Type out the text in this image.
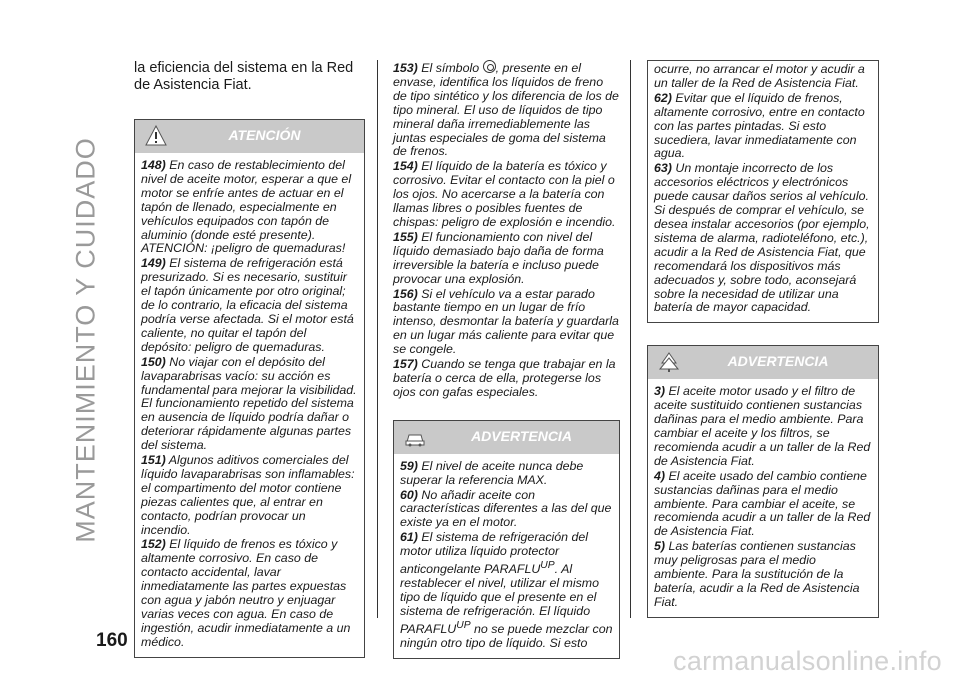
MANTENIMIENTO Y CUIDADO
160
carmanualsonline.info
la eficiencia del sistema en la Red de Asistencia Fiat.
ATENCIÓN
148) En caso de restablecimiento del nivel de aceite motor, esperar a que el motor se enfríe antes de actuar en el tapón de llenado, especialmente en vehículos equipados con tapón de aluminio (donde esté presente). ATENCIÓN: ¡peligro de quemaduras!
149) El sistema de refrigeración está presurizado. Si es necesario, sustituir el tapón únicamente por otro original; de lo contrario, la eficacia del sistema podría verse afectada. Si el motor está caliente, no quitar el tapón del depósito: peligro de quemaduras.
150) No viajar con el depósito del lavaparabrisas vacío: su acción es fundamental para mejorar la visibilidad. El funcionamiento repetido del sistema en ausencia de líquido podría dañar o deteriorar rápidamente algunas partes del sistema.
151) Algunos aditivos comerciales del líquido lavaparabrisas son inflamables: el compartimento del motor contiene piezas calientes que, al entrar en contacto, podrían provocar un incendio.
152) El líquido de frenos es tóxico y altamente corrosivo. En caso de contacto accidental, lavar inmediatamente las partes expuestas con agua y jabón neutro y enjuagar varias veces con agua. En caso de ingestión, acudir inmediatamente a un médico.
153) El símbolo , presente en el envase, identifica los líquidos de freno de tipo sintético y los diferencia de los de tipo mineral. El uso de líquidos de tipo mineral daña irremediablemente las juntas especiales de goma del sistema de frenos.
154) El líquido de la batería es tóxico y corrosivo. Evitar el contacto con la piel o los ojos. No acercarse a la batería con llamas libres o posibles fuentes de chispas: peligro de explosión e incendio.
155) El funcionamiento con nivel del líquido demasiado bajo daña de forma irreversible la batería e incluso puede provocar una explosión.
156) Si el vehículo va a estar parado bastante tiempo en un lugar de frío intenso, desmontar la batería y guardarla en un lugar más caliente para evitar que se congele.
157) Cuando se tenga que trabajar en la batería o cerca de ella, protegerse los ojos con gafas especiales.
ADVERTENCIA
59) El nivel de aceite nunca debe superar la referencia MAX.
60) No añadir aceite con características diferentes a las del que existe ya en el motor.
61) El sistema de refrigeración del motor utiliza líquido protector anticongelante $PARAFLU^{UP}$. Al restablecer el nivel, utilizar el mismo tipo de líquido que el presente en el sistema de refrigeración. El líquido $PARAFLU^{UP}$ no se puede mezclar con ningún otro tipo de líquido. Si esto
ocurre, no arrancar el motor y acudir a un taller de la Red de Asistencia Fiat.
62) Evitar que el líquido de frenos, altamente corrosivo, entre en contacto con las partes pintadas. Si esto sucediera, lavar inmediatamente con agua.
63) Un montaje incorrecto de los accesorios eléctricos y electrónicos puede causar daños serios al vehículo. Si después de comprar el vehículo, se desea instalar accesorios (por ejemplo, sistema de alarma, radioteléfono, etc.), acudir a la Red de Asistencia Fiat, que recomendará los dispositivos más adecuados y, sobre todo, aconsejará sobre la necesidad de utilizar una batería de mayor capacidad.
ADVERTENCIA
3) El aceite motor usado y el filtro de aceite sustituido contienen sustancias dañinas para el medio ambiente. Para cambiar el aceite y los filtros, se recomienda acudir a un taller de la Red de Asistencia Fiat.
4) El aceite usado del cambio contiene sustancias dañinas para el medio ambiente. Para cambiar el aceite, se recomienda acudir a un taller de la Red de Asistencia Fiat.
5) Las baterías contienen sustancias muy peligrosas para el medio ambiente. Para la sustitución de la batería, acudir a la Red de Asistencia Fiat.
